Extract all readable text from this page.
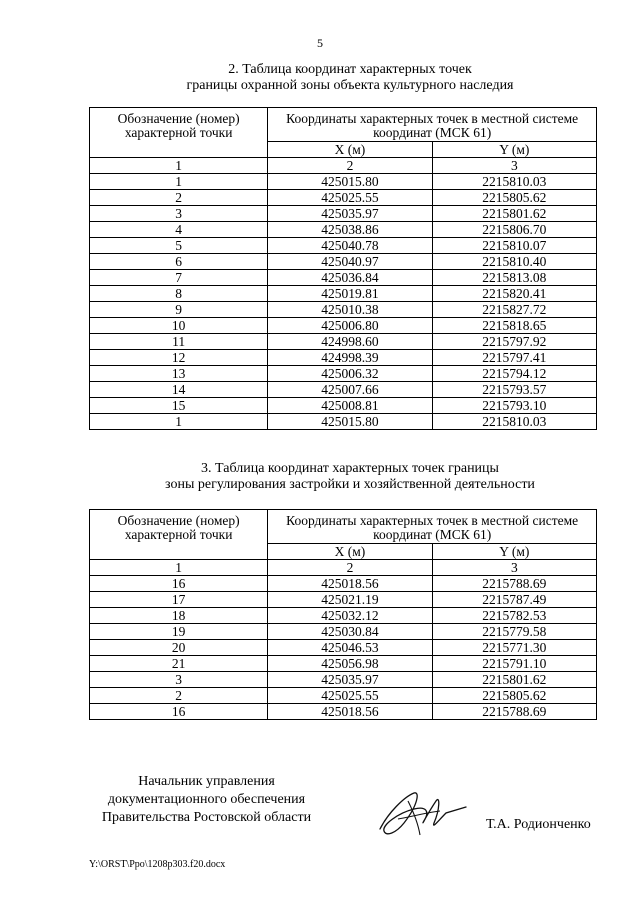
5
2. Таблица координат характерных точек
границы охранной зоны объекта культурного наследия
Обозначение (номер) характерной точки	Координаты характерных точек в местной системе координат (МСК 61)	
	X (м)	Y (м)
1	2	3
1	425015.80	2215810.03
2	425025.55	2215805.62
3	425035.97	2215801.62
4	425038.86	2215806.70
5	425040.78	2215810.07
6	425040.97	2215810.40
7	425036.84	2215813.08
8	425019.81	2215820.41
9	425010.38	2215827.72
10	425006.80	2215818.65
11	424998.60	2215797.92
12	424998.39	2215797.41
13	425006.32	2215794.12
14	425007.66	2215793.57
15	425008.81	2215793.10
1	425015.80	2215810.03
3. Таблица координат характерных точек границы
зоны регулирования застройки и хозяйственной деятельности
Обозначение (номер) характерной точки	Координаты характерных точек в местной системе координат (МСК 61)	
	X (м)	Y (м)
1	2	3
16	425018.56	2215788.69
17	425021.19	2215787.49
18	425032.12	2215782.53
19	425030.84	2215779.58
20	425046.53	2215771.30
21	425056.98	2215791.10
3	425035.97	2215801.62
2	425025.55	2215805.62
16	425018.56	2215788.69
Начальник управления
документационного обеспечения
Правительства Ростовской области	Т.А. Родионченко
Y:\ORST\Ppo\1208p303.f20.docx
